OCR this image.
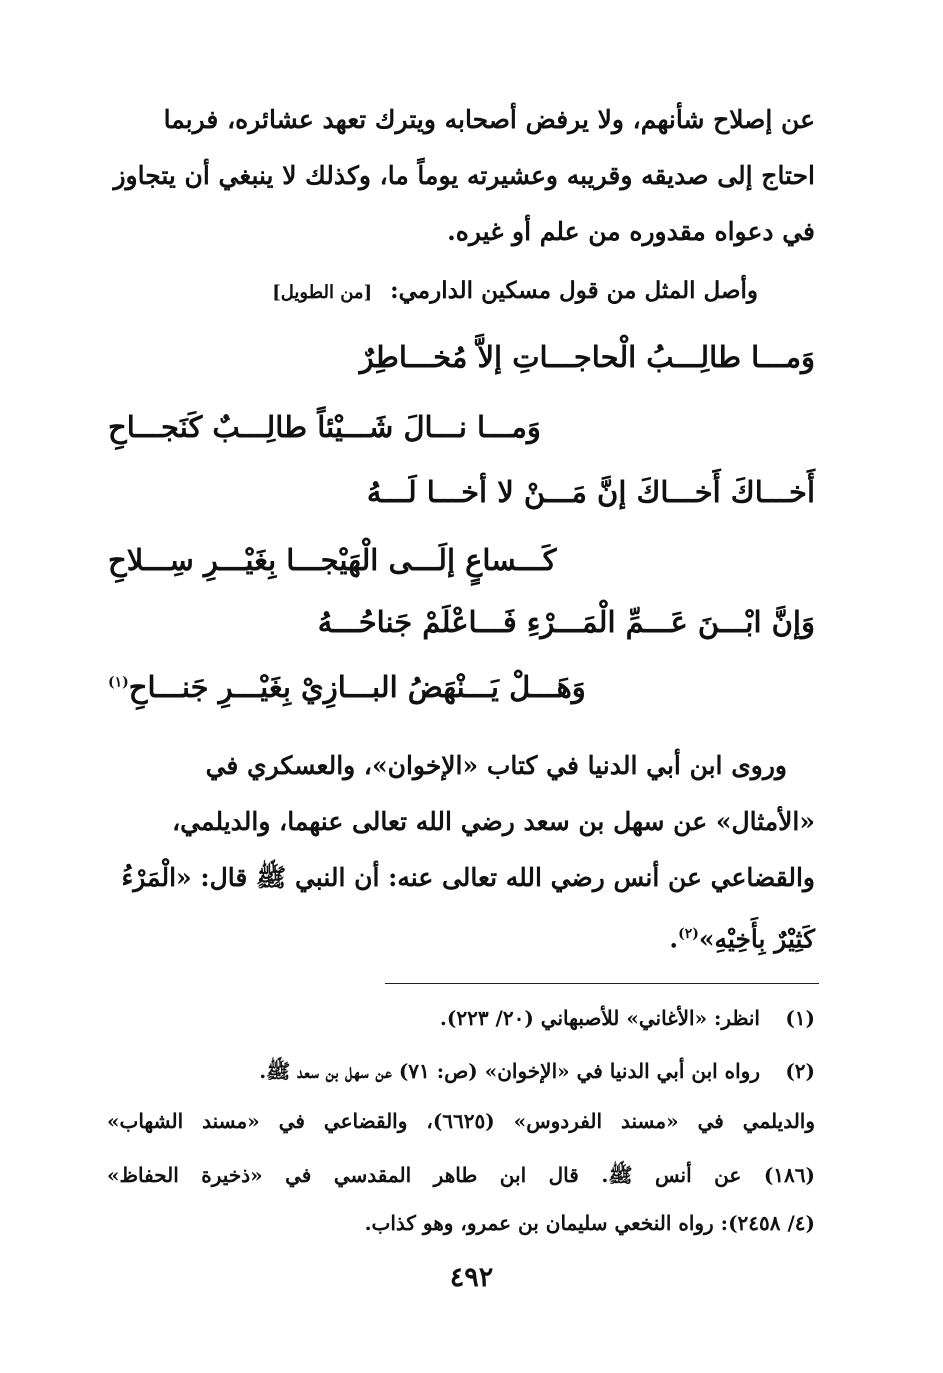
عن إصلاح شأنهم، ولا يرفض أصحابه ويترك تعهد عشائره، فربما
احتاج إلى صديقه وقريبه وعشيرته يوماً ما، وكذلك لا ينبغي أن يتجاوز
في دعواه مقدوره من علم أو غيره.
وأصل المثل من قول مسكين الدارمي: [من الطويل]
وَمـــا طالِـــبُ الْحاجـــاتِ إلاَّ مُخـــاطِرٌ
وَمـــا نـــالَ شَـــيْئاً طالِـــبٌ كَنَجـــاحِ
أَخـــاكَ أَخـــاكَ إنَّ مَـــنْ لا أخـــا لَـــهُ
كَـــساعٍ إلَـــى الْهَيْجـــا بِغَيْـــرِ سِـــلاحِ
وَإنَّ ابْـــنَ عَـــمِّ الْمَـــرْءِ فَـــاعْلَمْ جَناحُـــهُ
وَهَـــلْ يَـــنْهَضُ البـــازِيْ بِغَيْـــرِ جَنـــاحِ$^{(١)}$
وروى ابن أبي الدنيا في كتاب «الإخوان»، والعسكري في
«الأمثال» عن سهل بن سعد رضي الله تعالى عنهما، والديلمي،
والقضاعي عن أنس رضي الله تعالى عنه: أن النبي ﷺ قال: «الْمَرْءُ
كَثِيْرٌ بِأَخِيْهِ»$^{(٢)}$.
(١)
انظر: «الأغاني» للأصبهاني (٢٠/ ٢٢٣).
(٢)
رواه ابن أبي الدنيا في «الإخوان» (ص: ٧١) عن سهل بن سعد ﷺ.
والديلمي في «مسند الفردوس» (٦٦٢٥)، والقضاعي في «مسند الشهاب»
(١٨٦) عن أنس ﷺ. قال ابن طاهر المقدسي في «ذخيرة الحفاظ»
(٤/ ٢٤٥٨): رواه النخعي سليمان بن عمرو، وهو كذاب.
٤٩٢
